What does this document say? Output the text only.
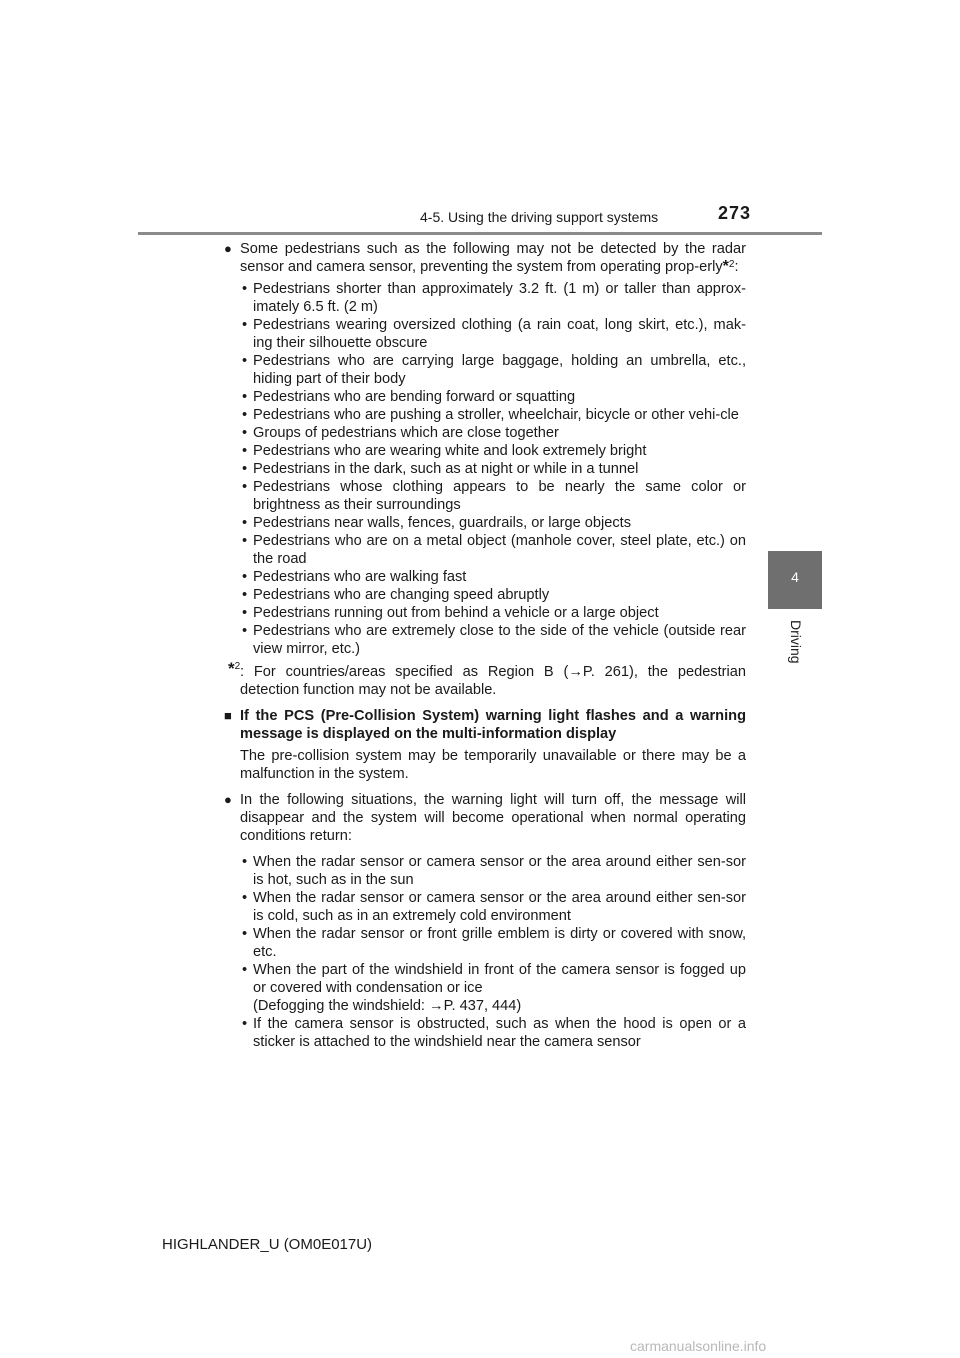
4-5. Using the driving support systems	273
4
Driving
● Some pedestrians such as the following may not be detected by the radar sensor and camera sensor, preventing the system from operating prop-erly*$^2$:
• Pedestrians shorter than approximately 3.2 ft. (1 m) or taller than approx-imately 6.5 ft. (2 m)
• Pedestrians wearing oversized clothing (a rain coat, long skirt, etc.), mak-ing their silhouette obscure
• Pedestrians who are carrying large baggage, holding an umbrella, etc., hiding part of their body
• Pedestrians who are bending forward or squatting
• Pedestrians who are pushing a stroller, wheelchair, bicycle or other vehi-cle
• Groups of pedestrians which are close together
• Pedestrians who are wearing white and look extremely bright
• Pedestrians in the dark, such as at night or while in a tunnel
• Pedestrians whose clothing appears to be nearly the same color or brightness as their surroundings
• Pedestrians near walls, fences, guardrails, or large objects
• Pedestrians who are on a metal object (manhole cover, steel plate, etc.) on the road
• Pedestrians who are walking fast
• Pedestrians who are changing speed abruptly
• Pedestrians running out from behind a vehicle or a large object
• Pedestrians who are extremely close to the side of the vehicle (outside rear view mirror, etc.)
*$^2$ : For countries/areas specified as Region B (→P. 261), the pedestrian detection function may not be available.
■ If the PCS (Pre-Collision System) warning light flashes and a warning message is displayed on the multi-information display
The pre-collision system may be temporarily unavailable or there may be a malfunction in the system.
● In the following situations, the warning light will turn off, the message will disappear and the system will become operational when normal operating conditions return:
• When the radar sensor or camera sensor or the area around either sen-sor is hot, such as in the sun
• When the radar sensor or camera sensor or the area around either sen-sor is cold, such as in an extremely cold environment
• When the radar sensor or front grille emblem is dirty or covered with snow, etc.
• When the part of the windshield in front of the camera sensor is fogged up or covered with condensation or ice
(Defogging the windshield: →P. 437, 444)
• If the camera sensor is obstructed, such as when the hood is open or a sticker is attached to the windshield near the camera sensor
HIGHLANDER_U (OM0E017U)
carmanualsonline.info
